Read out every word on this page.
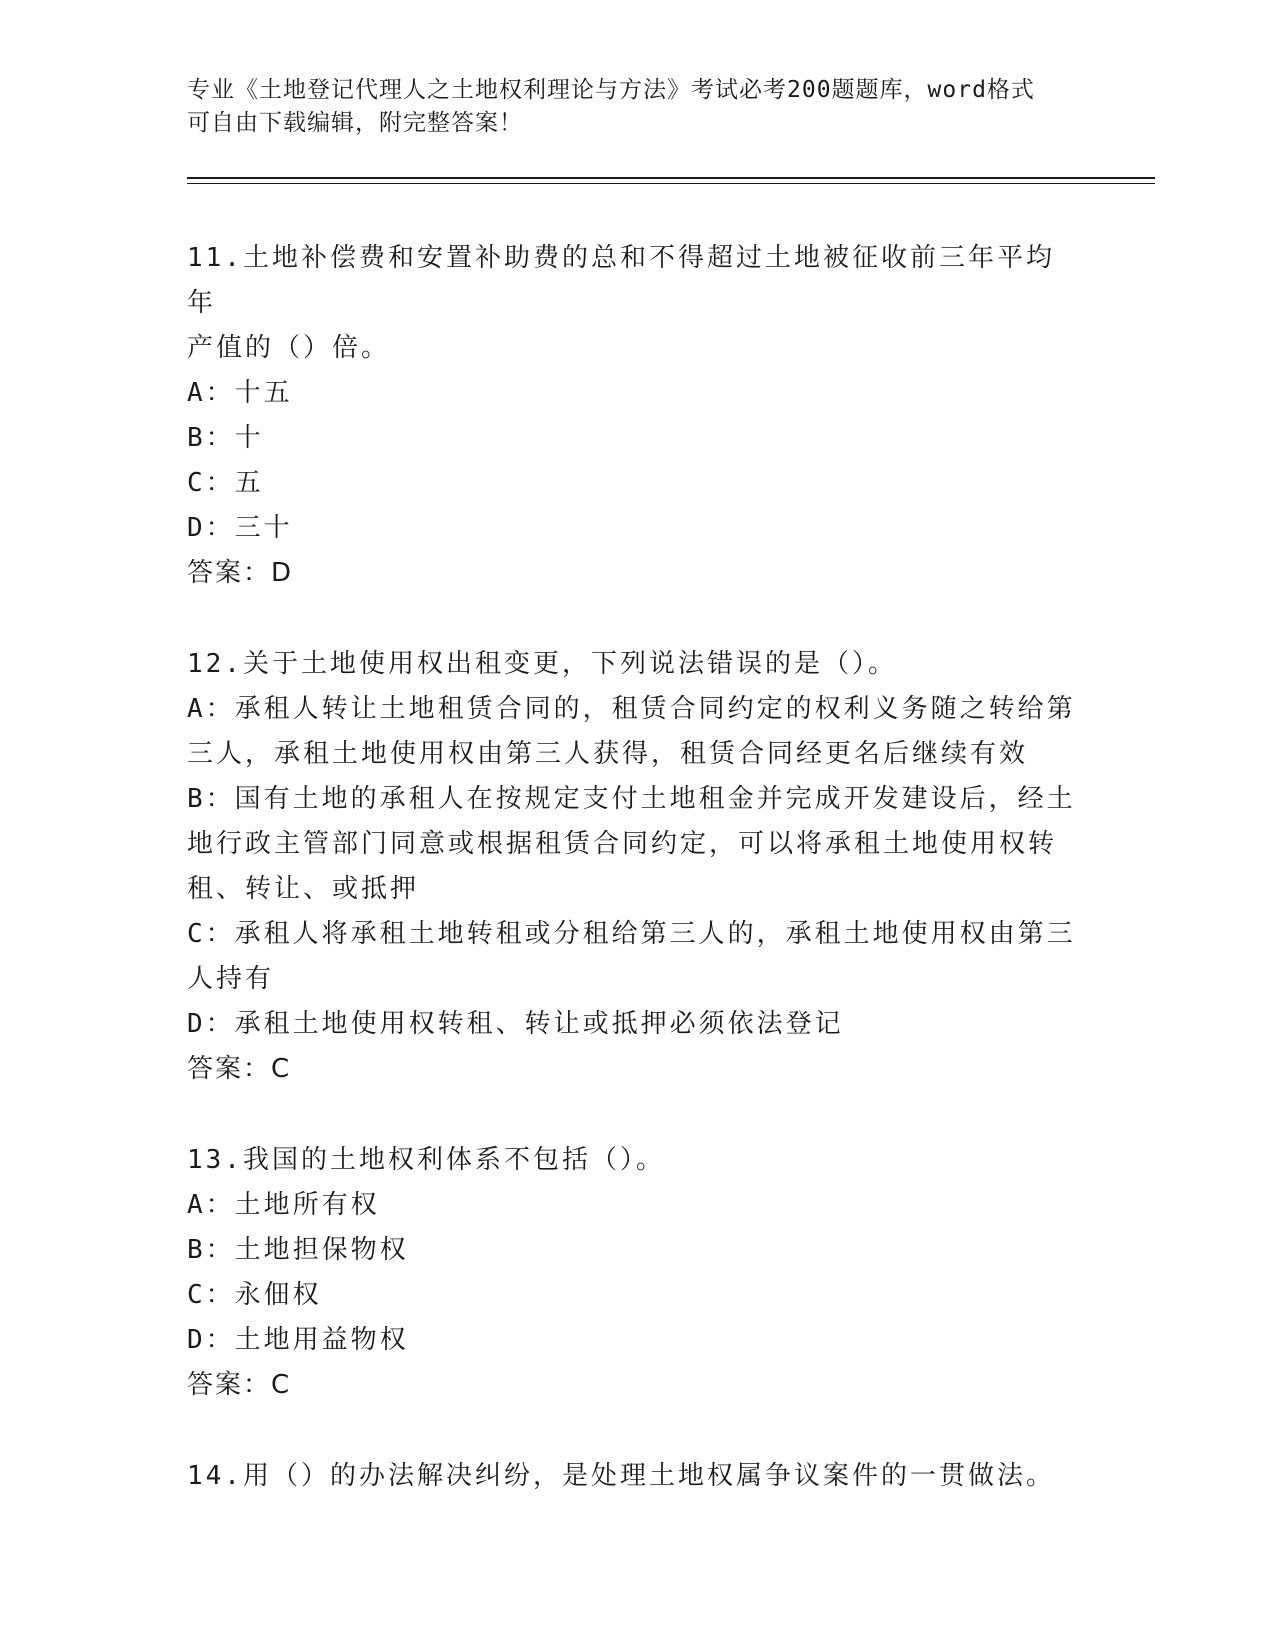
专业《土地登记代理人之土地权利理论与方法》考试必考200题题库，word格式
可自由下载编辑，附完整答案！
11.土地补偿费和安置补助费的总和不得超过土地被征收前三年平均年
产值的（）倍。
A：十五
B：十
C：五
D：三十
答案：D
12.关于土地使用权出租变更，下列说法错误的是（）。
A：承租人转让土地租赁合同的，租赁合同约定的权利义务随之转给第
三人，承租土地使用权由第三人获得，租赁合同经更名后继续有效
B：国有土地的承租人在按规定支付土地租金并完成开发建设后，经土
地行政主管部门同意或根据租赁合同约定，可以将承租土地使用权转
租、转让、或抵押
C：承租人将承租土地转租或分租给第三人的，承租土地使用权由第三
人持有
D：承租土地使用权转租、转让或抵押必须依法登记
答案：C
13.我国的土地权利体系不包括（）。
A：土地所有权
B：土地担保物权
C：永佃权
D：土地用益物权
答案：C
14.用（）的办法解决纠纷，是处理土地权属争议案件的一贯做法。
